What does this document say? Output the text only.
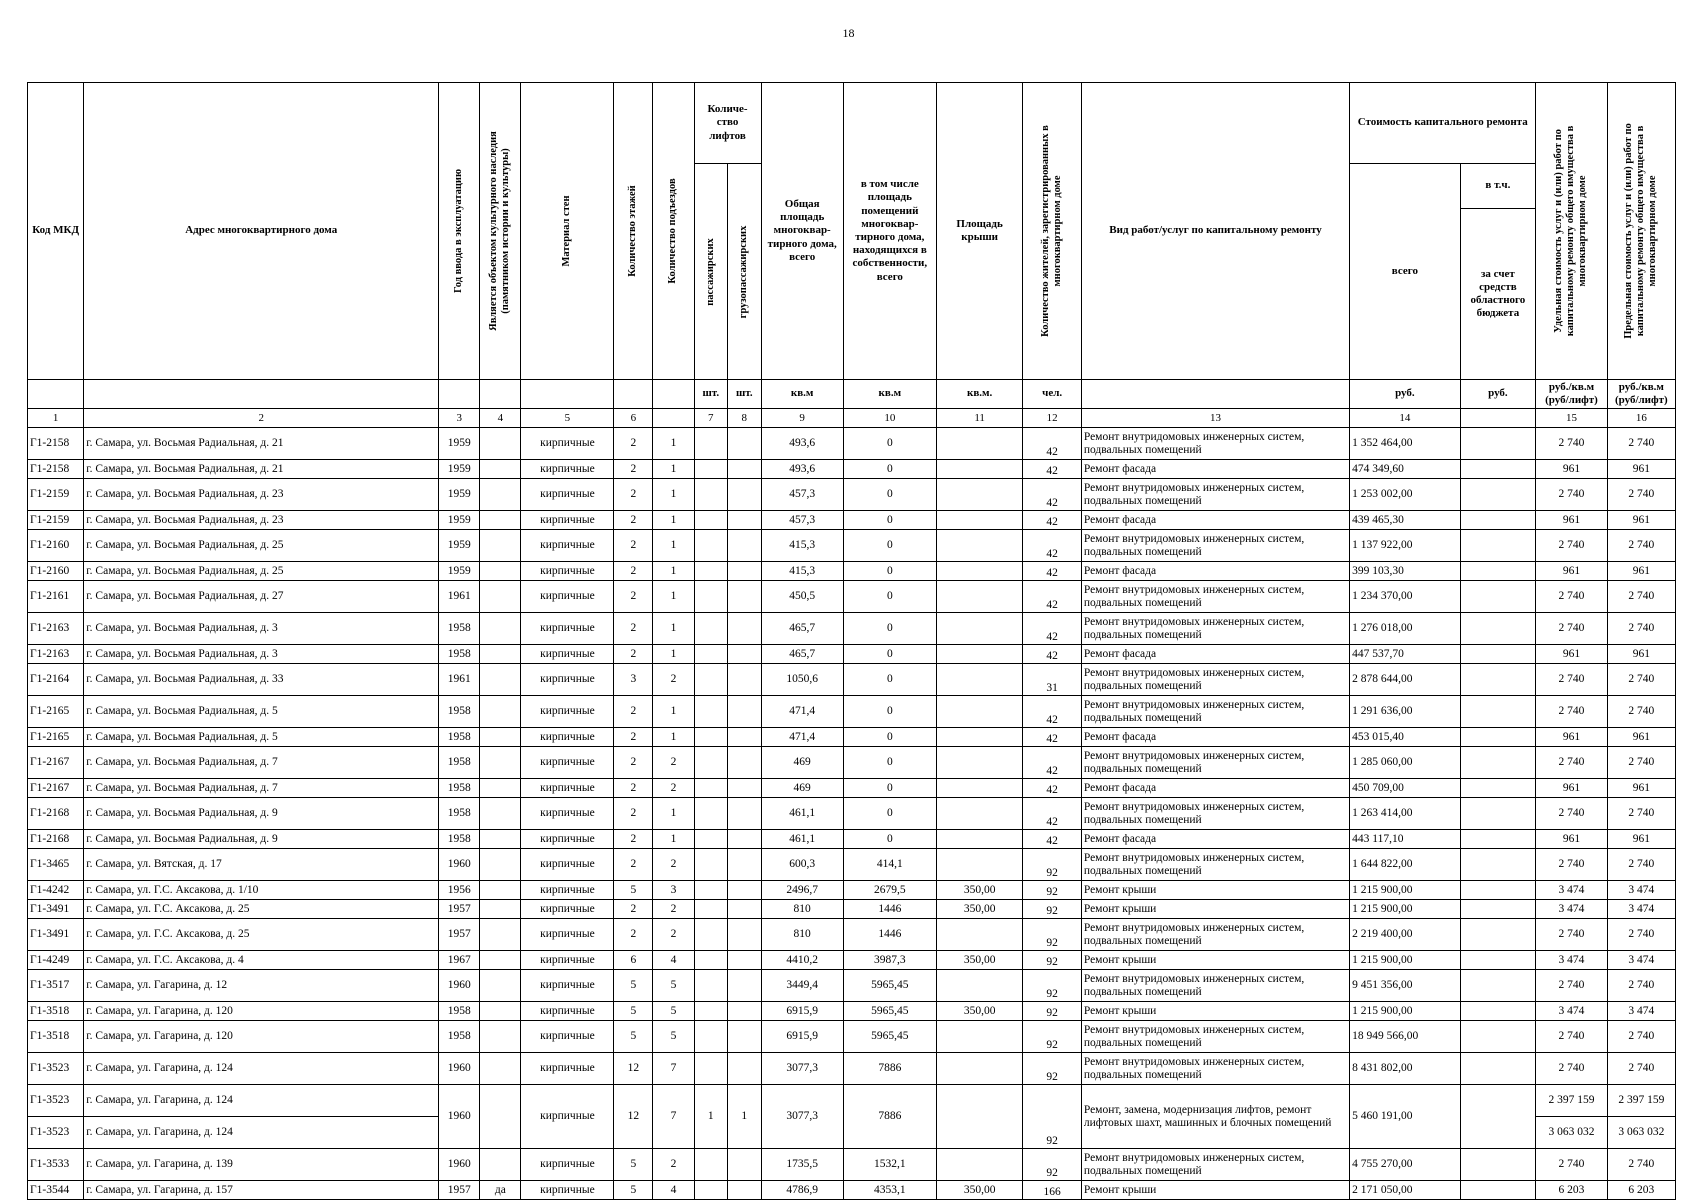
18
Код МКД	Адрес многоквартирного дома	Год ввода в эксплуатацию	Является объектом культурного наследия (памятником истории и культуры)	Материал стен	Количество этажей	Количество подъездов	Количе-ство лифтов		Общая площадь многоквар-тирного дома, всего	в том числе площадь помещений многоквар-тирного дома, находящихся в собственности, всего	Площадь крыши	Количество жителей, зарегистрированных в многоквартирном доме	Вид работ/услуг по капитальному ремонту	Стоимость капитального ремонта		Удельная стоимость услуг и (или) работ по капитальному ремонту общего имущества в многоквартирном доме	Предельная стоимость услуг и (или) работ по капитальному ремонту общего имущества в многоквартирном доме

							пассажирских	грузопассажирских						всего	в т.ч.		
															за счет средств областного бюджета		
							шт.	шт.	кв.м	кв.м	кв.м.	чел.		руб.	руб.	руб./кв.м (руб/лифт)	руб./кв.м (руб/лифт)
1	2	3	4	5	6		7	8	9	10	11	12	13	14		15	16
Г1-2158	г. Самара, ул. Восьмая Радиальная, д. 21	1959		кирпичные	2	1			493,6	0		42	Ремонт внутридомовых инженерных систем, подвальных помещений	1 352 464,00		2 740	2 740
Г1-2158	г. Самара, ул. Восьмая Радиальная, д. 21	1959		кирпичные	2	1			493,6	0		42	Ремонт фасада	474 349,60		961	961
Г1-2159	г. Самара, ул. Восьмая Радиальная, д. 23	1959		кирпичные	2	1			457,3	0		42	Ремонт внутридомовых инженерных систем, подвальных помещений	1 253 002,00		2 740	2 740
Г1-2159	г. Самара, ул. Восьмая Радиальная, д. 23	1959		кирпичные	2	1			457,3	0		42	Ремонт фасада	439 465,30		961	961
Г1-2160	г. Самара, ул. Восьмая Радиальная, д. 25	1959		кирпичные	2	1			415,3	0		42	Ремонт внутридомовых инженерных систем, подвальных помещений	1 137 922,00		2 740	2 740
Г1-2160	г. Самара, ул. Восьмая Радиальная, д. 25	1959		кирпичные	2	1			415,3	0		42	Ремонт фасада	399 103,30		961	961
Г1-2161	г. Самара, ул. Восьмая Радиальная, д. 27	1961		кирпичные	2	1			450,5	0		42	Ремонт внутридомовых инженерных систем, подвальных помещений	1 234 370,00		2 740	2 740
Г1-2163	г. Самара, ул. Восьмая Радиальная, д. 3	1958		кирпичные	2	1			465,7	0		42	Ремонт внутридомовых инженерных систем, подвальных помещений	1 276 018,00		2 740	2 740
Г1-2163	г. Самара, ул. Восьмая Радиальная, д. 3	1958		кирпичные	2	1			465,7	0		42	Ремонт фасада	447 537,70		961	961
Г1-2164	г. Самара, ул. Восьмая Радиальная, д. 33	1961		кирпичные	3	2			1050,6	0		31	Ремонт внутридомовых инженерных систем, подвальных помещений	2 878 644,00		2 740	2 740
Г1-2165	г. Самара, ул. Восьмая Радиальная, д. 5	1958		кирпичные	2	1			471,4	0		42	Ремонт внутридомовых инженерных систем, подвальных помещений	1 291 636,00		2 740	2 740
Г1-2165	г. Самара, ул. Восьмая Радиальная, д. 5	1958		кирпичные	2	1			471,4	0		42	Ремонт фасада	453 015,40		961	961
Г1-2167	г. Самара, ул. Восьмая Радиальная, д. 7	1958		кирпичные	2	2			469	0		42	Ремонт внутридомовых инженерных систем, подвальных помещений	1 285 060,00		2 740	2 740
Г1-2167	г. Самара, ул. Восьмая Радиальная, д. 7	1958		кирпичные	2	2			469	0		42	Ремонт фасада	450 709,00		961	961
Г1-2168	г. Самара, ул. Восьмая Радиальная, д. 9	1958		кирпичные	2	1			461,1	0		42	Ремонт внутридомовых инженерных систем, подвальных помещений	1 263 414,00		2 740	2 740
Г1-2168	г. Самара, ул. Восьмая Радиальная, д. 9	1958		кирпичные	2	1			461,1	0		42	Ремонт фасада	443 117,10		961	961
Г1-3465	г. Самара, ул. Вятская, д. 17	1960		кирпичные	2	2			600,3	414,1		92	Ремонт внутридомовых инженерных систем, подвальных помещений	1 644 822,00		2 740	2 740
Г1-4242	г. Самара, ул. Г.С. Аксакова, д. 1/10	1956		кирпичные	5	3			2496,7	2679,5	350,00	92	Ремонт крыши	1 215 900,00		3 474	3 474
Г1-3491	г. Самара, ул. Г.С. Аксакова, д. 25	1957		кирпичные	2	2			810	1446	350,00	92	Ремонт крыши	1 215 900,00		3 474	3 474
Г1-3491	г. Самара, ул. Г.С. Аксакова, д. 25	1957		кирпичные	2	2			810	1446		92	Ремонт внутридомовых инженерных систем, подвальных помещений	2 219 400,00		2 740	2 740
Г1-4249	г. Самара, ул. Г.С. Аксакова, д. 4	1967		кирпичные	6	4			4410,2	3987,3	350,00	92	Ремонт крыши	1 215 900,00		3 474	3 474
Г1-3517	г. Самара, ул. Гагарина, д. 12	1960		кирпичные	5	5			3449,4	5965,45		92	Ремонт внутридомовых инженерных систем, подвальных помещений	9 451 356,00		2 740	2 740
Г1-3518	г. Самара, ул. Гагарина, д. 120	1958		кирпичные	5	5			6915,9	5965,45	350,00	92	Ремонт крыши	1 215 900,00		3 474	3 474
Г1-3518	г. Самара, ул. Гагарина, д. 120	1958		кирпичные	5	5			6915,9	5965,45		92	Ремонт внутридомовых инженерных систем, подвальных помещений	18 949 566,00		2 740	2 740
Г1-3523	г. Самара, ул. Гагарина, д. 124	1960		кирпичные	12	7			3077,3	7886		92	Ремонт внутридомовых инженерных систем, подвальных помещений	8 431 802,00		2 740	2 740
Г1-3523	г. Самара, ул. Гагарина, д. 124	1960		кирпичные	12	7	1	1	3077,3	7886		92	Ремонт, замена, модернизация лифтов, ремонт лифтовых шахт, машинных и блочных помещений	5 460 191,00		2 397 159	2 397 159
Г1-3523	г. Самара, ул. Гагарина, д. 124															3 063 032	3 063 032
Г1-3533	г. Самара, ул. Гагарина, д. 139	1960		кирпичные	5	2			1735,5	1532,1		92	Ремонт внутридомовых инженерных систем, подвальных помещений	4 755 270,00		2 740	2 740
Г1-3544	г. Самара, ул. Гагарина, д. 157	1957	да	кирпичные	5	4			4786,9	4353,1	350,00	166	Ремонт крыши	2 171 050,00		6 203	6 203
